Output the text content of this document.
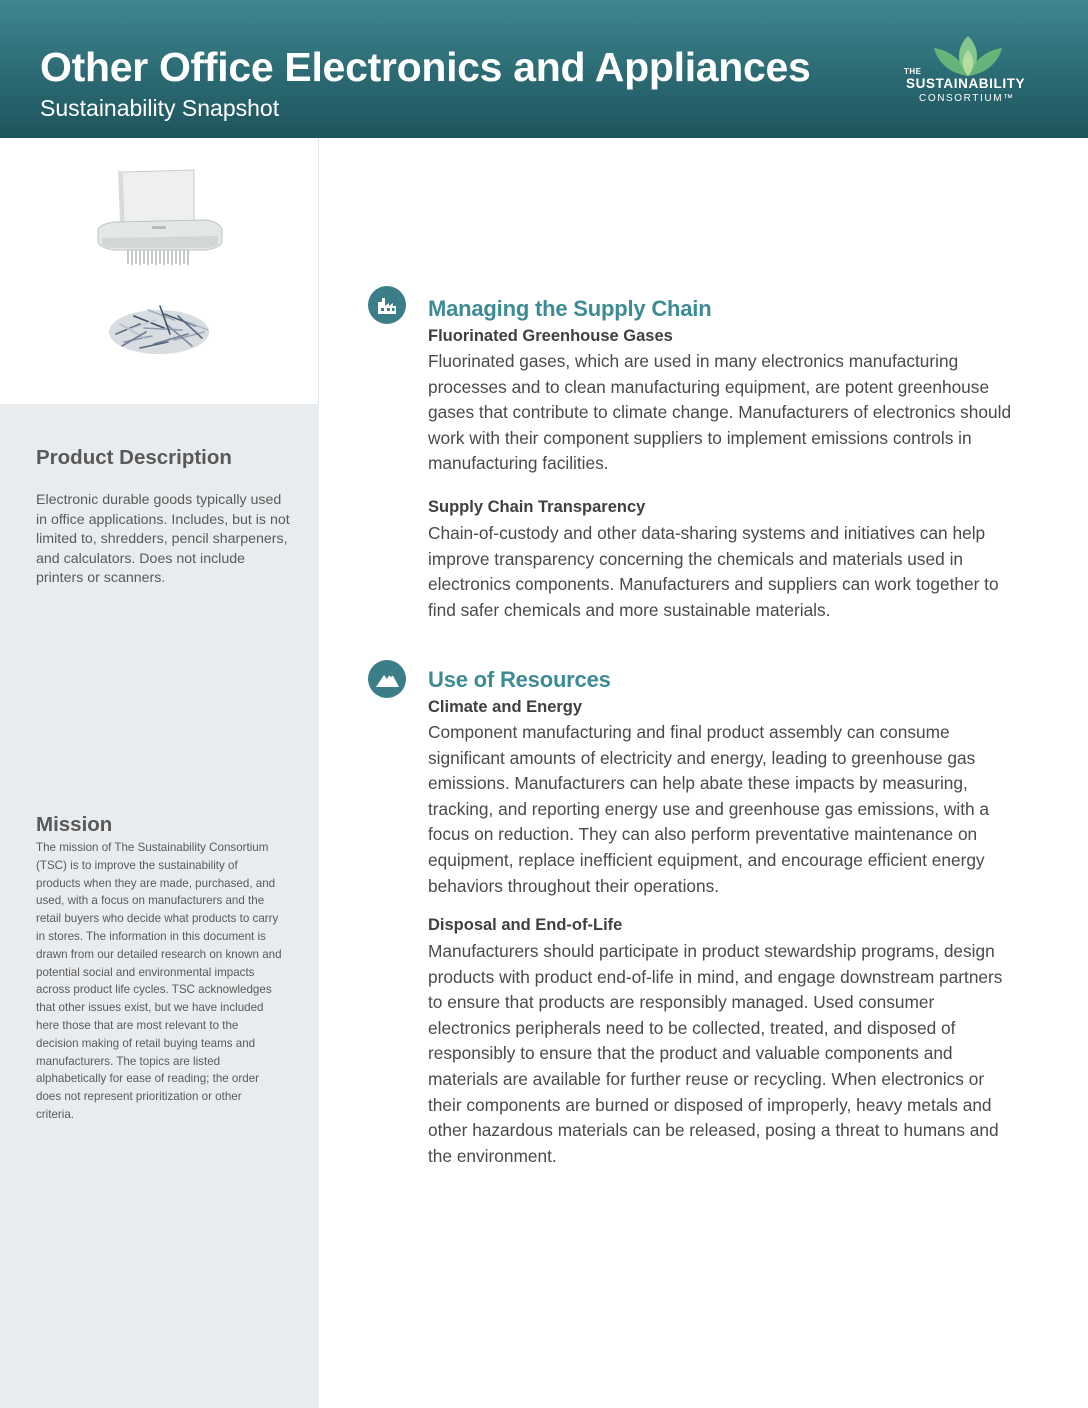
Other Office Electronics and Appliances
Sustainability Snapshot
THE
SUSTAINABILITY
CONSORTIUM™
Product Description

Electronic durable goods typically used in office applications. Includes, but is not limited to, shredders, pencil sharpeners, and calculators. Does not include printers or scanners.

Mission

The mission of The Sustainability Consortium (TSC) is to improve the sustainability of products when they are made, purchased, and used, with a focus on manufacturers and the retail buyers who decide what products to carry in stores. The information in this document is drawn from our detailed research on known and potential social and environmental impacts across product life cycles. TSC acknowledges that other issues exist, but we have included here those that are most relevant to the decision making of retail buying teams and manufacturers. The topics are listed alphabetically for ease of reading; the order does not represent prioritization or other criteria.

Managing the Supply Chain
Fluorinated Greenhouse Gases

Fluorinated gases, which are used in many electronics manufacturing processes and to clean manufacturing equipment, are potent greenhouse gases that contribute to climate change. Manufacturers of electronics should work with their component suppliers to implement emissions controls in manufacturing facilities.

Supply Chain Transparency

Chain-of-custody and other data-sharing systems and initiatives can help improve transparency concerning the chemicals and materials used in electronics components. Manufacturers and suppliers can work together to find safer chemicals and more sustainable materials.

Use of Resources
Climate and Energy

Component manufacturing and final product assembly can consume significant amounts of electricity and energy, leading to greenhouse gas emissions. Manufacturers can help abate these impacts by measuring, tracking, and reporting energy use and greenhouse gas emissions, with a focus on reduction. They can also perform preventative maintenance on equipment, replace inefficient equipment, and encourage efficient energy behaviors throughout their operations.

Disposal and End-of-Life

Manufacturers should participate in product stewardship programs, design products with product end-of-life in mind, and engage downstream partners to ensure that products are responsibly managed. Used consumer electronics peripherals need to be collected, treated, and disposed of responsibly to ensure that the product and valuable components and materials are available for further reuse or recycling. When electronics or their components are burned or disposed of improperly, heavy metals and other hazardous materials can be released, posing a threat to humans and the environment.
